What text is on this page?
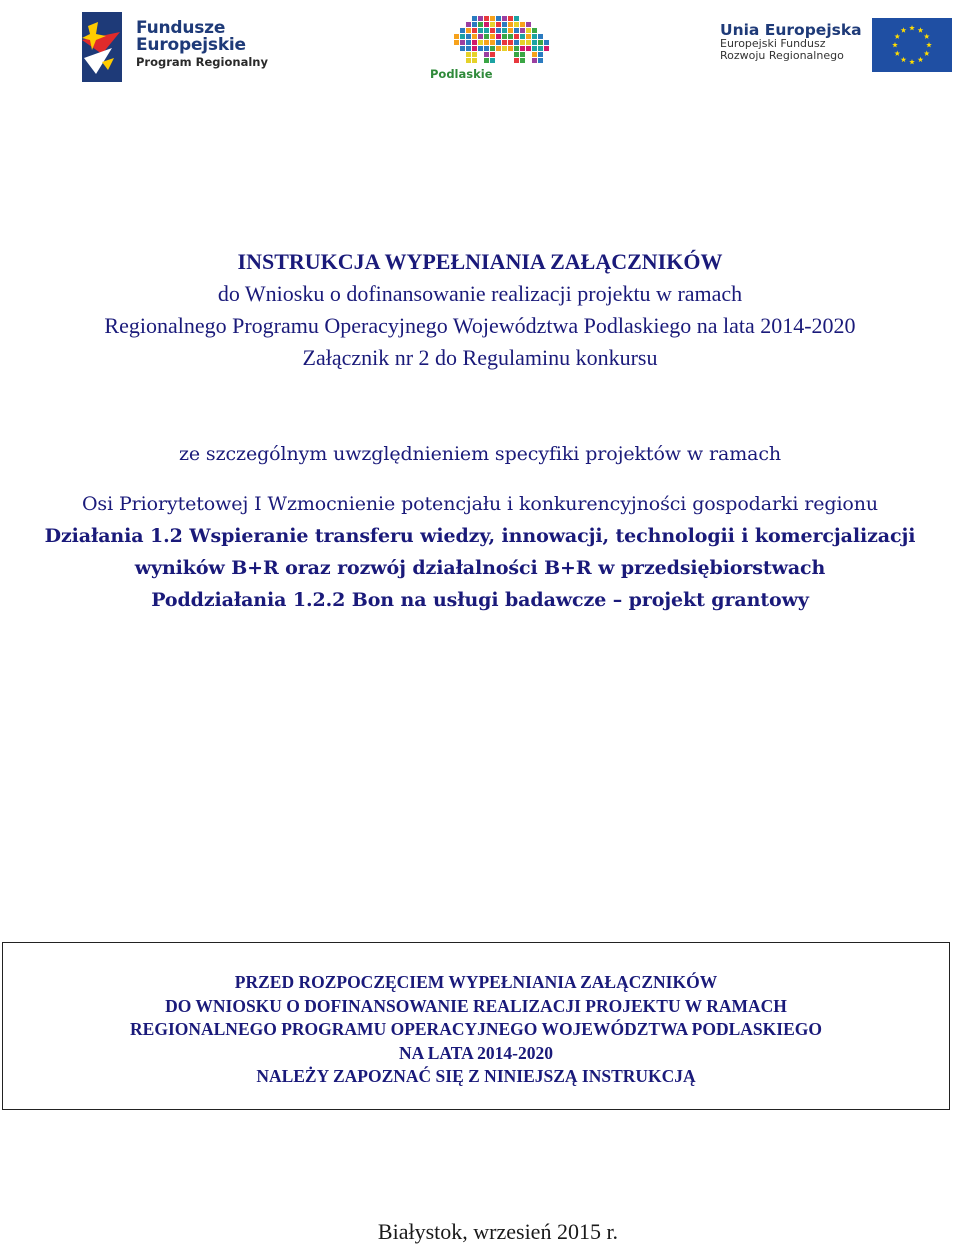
Fundusze
Europejskie
Program Regionalny
Podlaskie
Unia Europejska
Europejski Fundusz
Rozwoju Regionalnego
INSTRUKCJA WYPEŁNIANIA ZAŁĄCZNIKÓW
do Wniosku o dofinansowanie realizacji projektu w ramach
Regionalnego Programu Operacyjnego Województwa Podlaskiego na lata 2014-2020
Załącznik nr 2 do Regulaminu konkursu
ze szczególnym uwzględnieniem specyfiki projektów w ramach
Osi Priorytetowej I Wzmocnienie potencjału i konkurencyjności gospodarki regionu
Działania 1.2 Wspieranie transferu wiedzy, innowacji, technologii i komercjalizacji
wyników B+R oraz rozwój działalności B+R w przedsiębiorstwach
Poddziałania 1.2.2 Bon na usługi badawcze – projekt grantowy
PRZED ROZPOCZĘCIEM WYPEŁNIANIA ZAŁĄCZNIKÓW
DO WNIOSKU O DOFINANSOWANIE REALIZACJI PROJEKTU W RAMACH
REGIONALNEGO PROGRAMU OPERACYJNEGO WOJEWÓDZTWA PODLASKIEGO
NA LATA 2014-2020
NALEŻY ZAPOZNAĆ SIĘ Z NINIEJSZĄ INSTRUKCJĄ
Białystok, wrzesień 2015 r.
